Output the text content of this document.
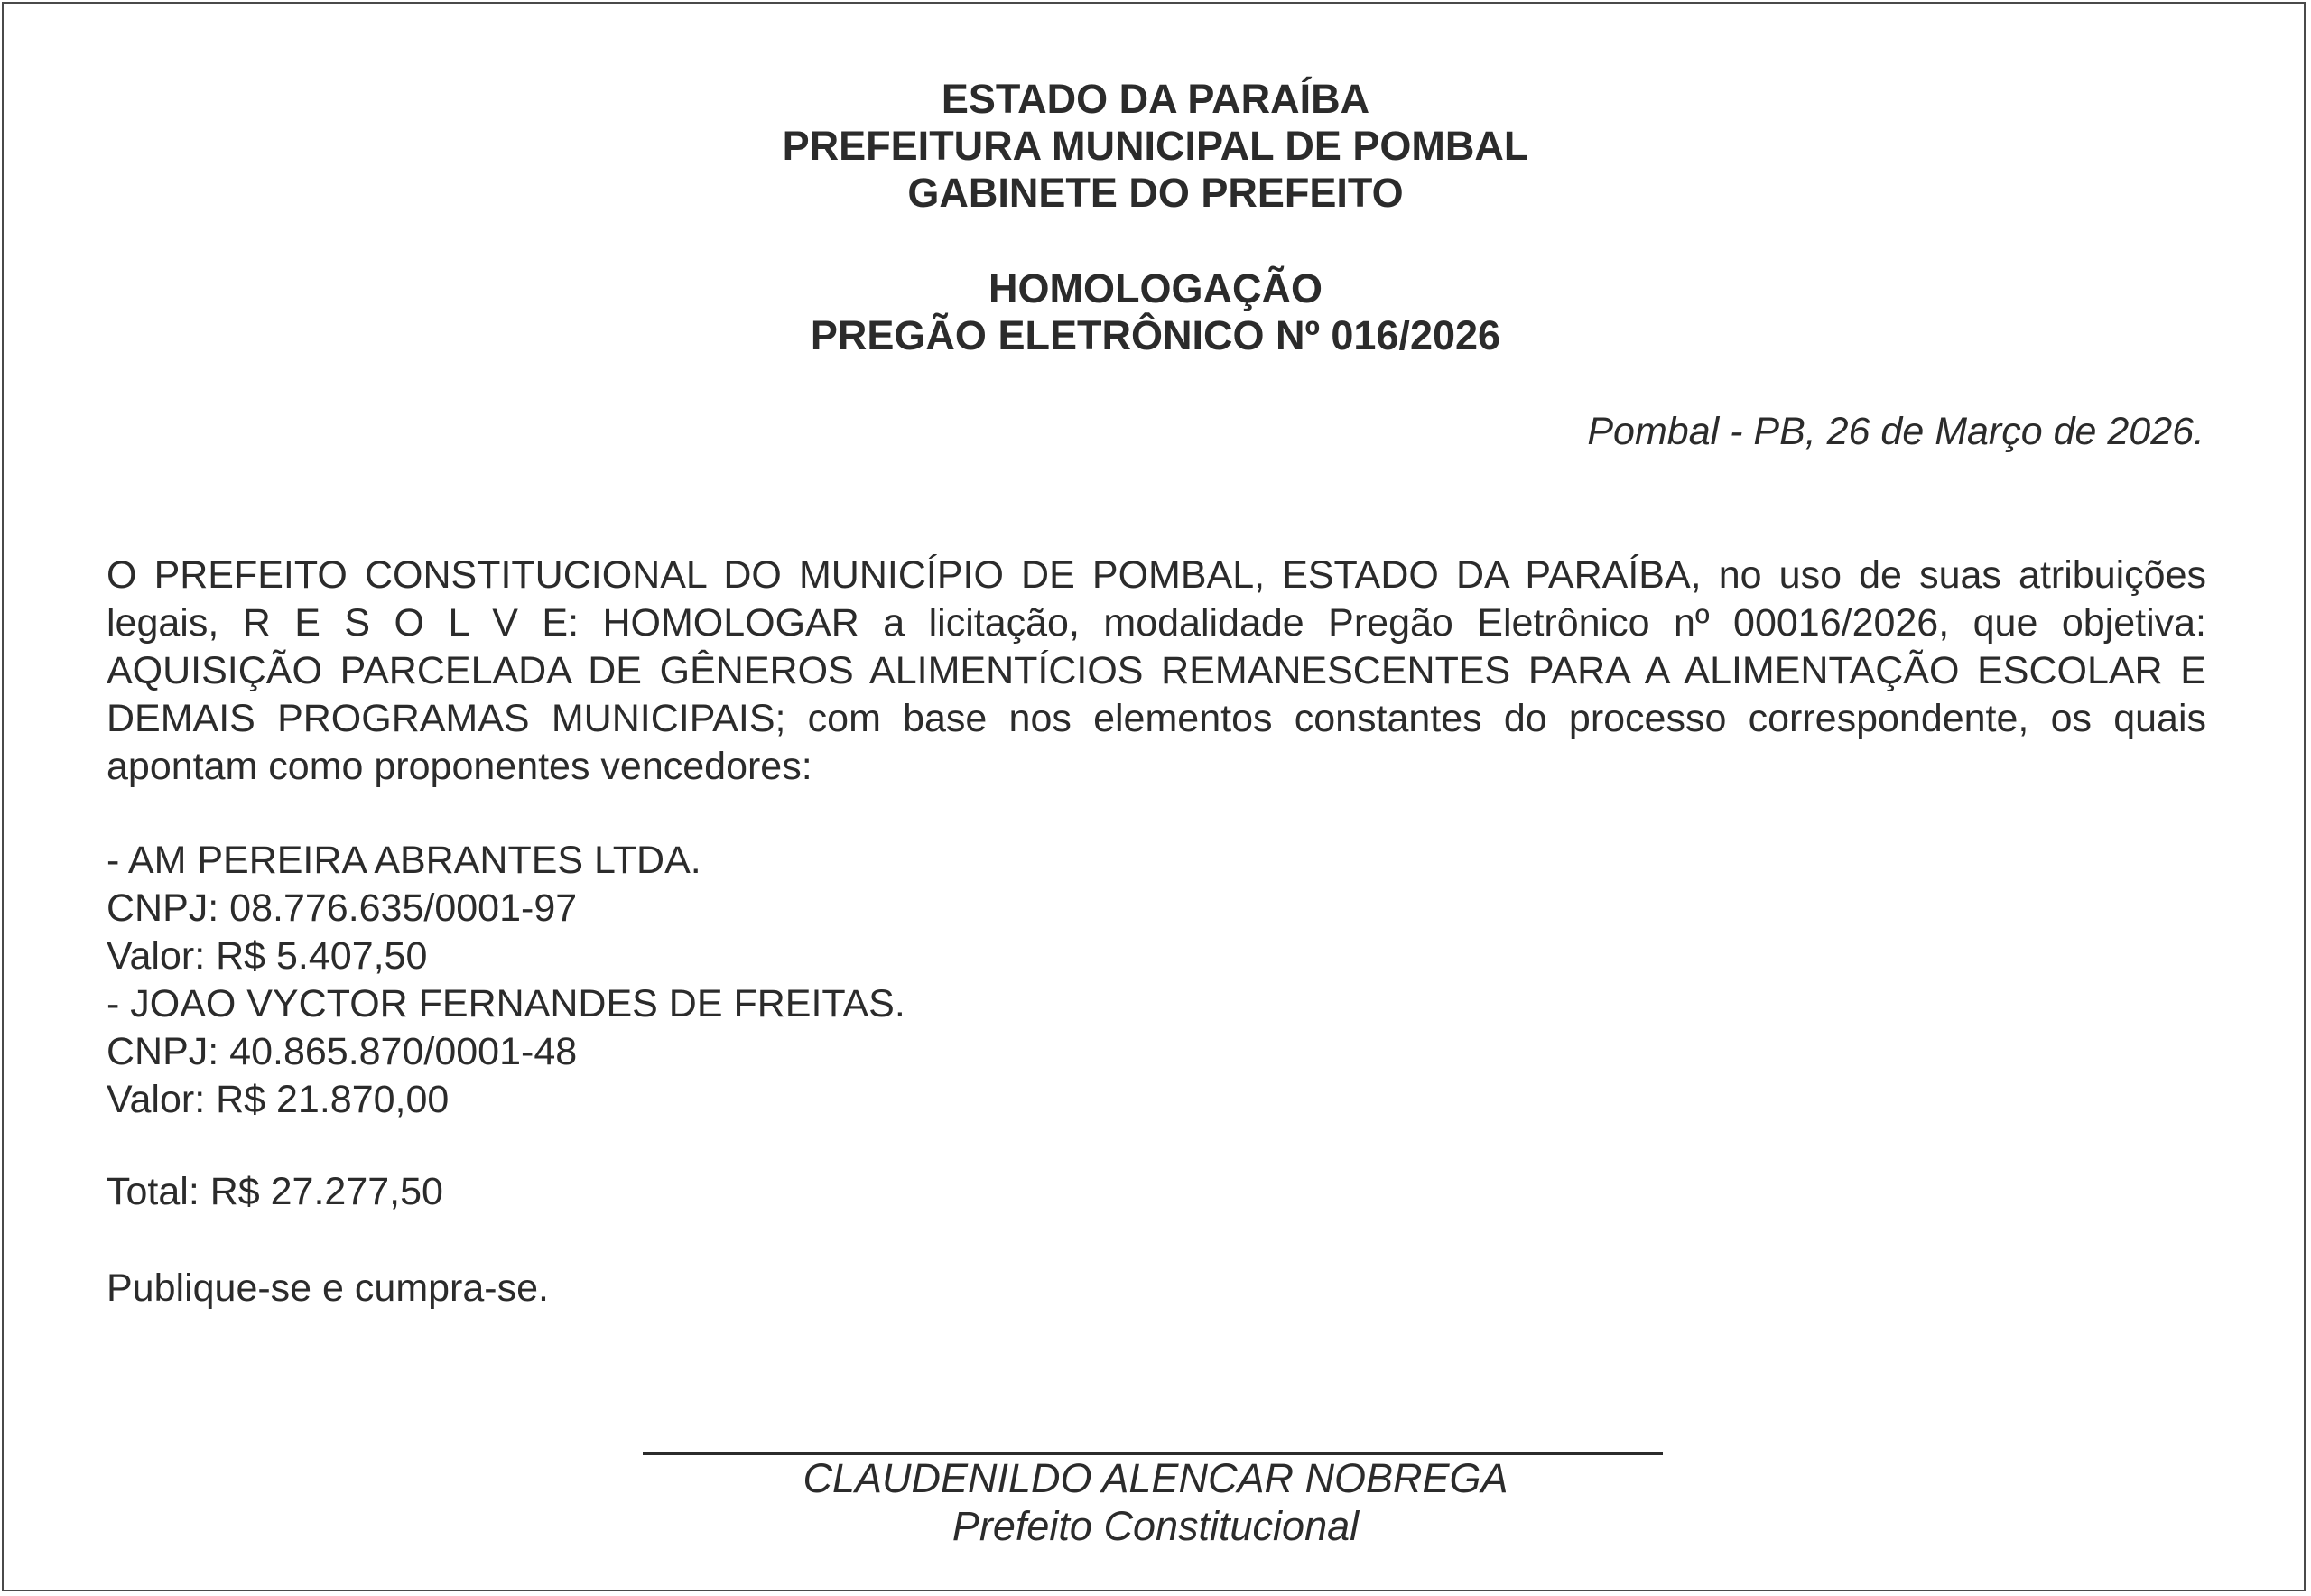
ESTADO DA PARAÍBA
PREFEITURA MUNICIPAL DE POMBAL
GABINETE DO PREFEITO
HOMOLOGAÇÃO
PREGÃO ELETRÔNICO Nº 016/2026
Pombal - PB, 26 de Março de 2026.
O PREFEITO CONSTITUCIONAL DO MUNICÍPIO DE POMBAL, ESTADO DA PARAÍBA, no uso de suas atribuições legais, R E S O L V E: HOMOLOGAR a licitação, modalidade Pregão Eletrônico nº 00016/2026, que objetiva: AQUISIÇÃO PARCELADA DE GÊNEROS ALIMENTÍCIOS REMANESCENTES PARA A ALIMENTAÇÃO ESCOLAR E DEMAIS PROGRAMAS MUNICIPAIS; com base nos elementos constantes do processo correspondente, os quais apontam como proponentes vencedores:
- AM PEREIRA ABRANTES LTDA.
CNPJ: 08.776.635/0001-97
Valor: R$ 5.407,50
- JOAO VYCTOR FERNANDES DE FREITAS.
CNPJ: 40.865.870/0001-48
Valor: R$ 21.870,00
Total: R$ 27.277,50
Publique-se e cumpra-se.
CLAUDENILDO ALENCAR NOBREGA
Prefeito Constitucional
